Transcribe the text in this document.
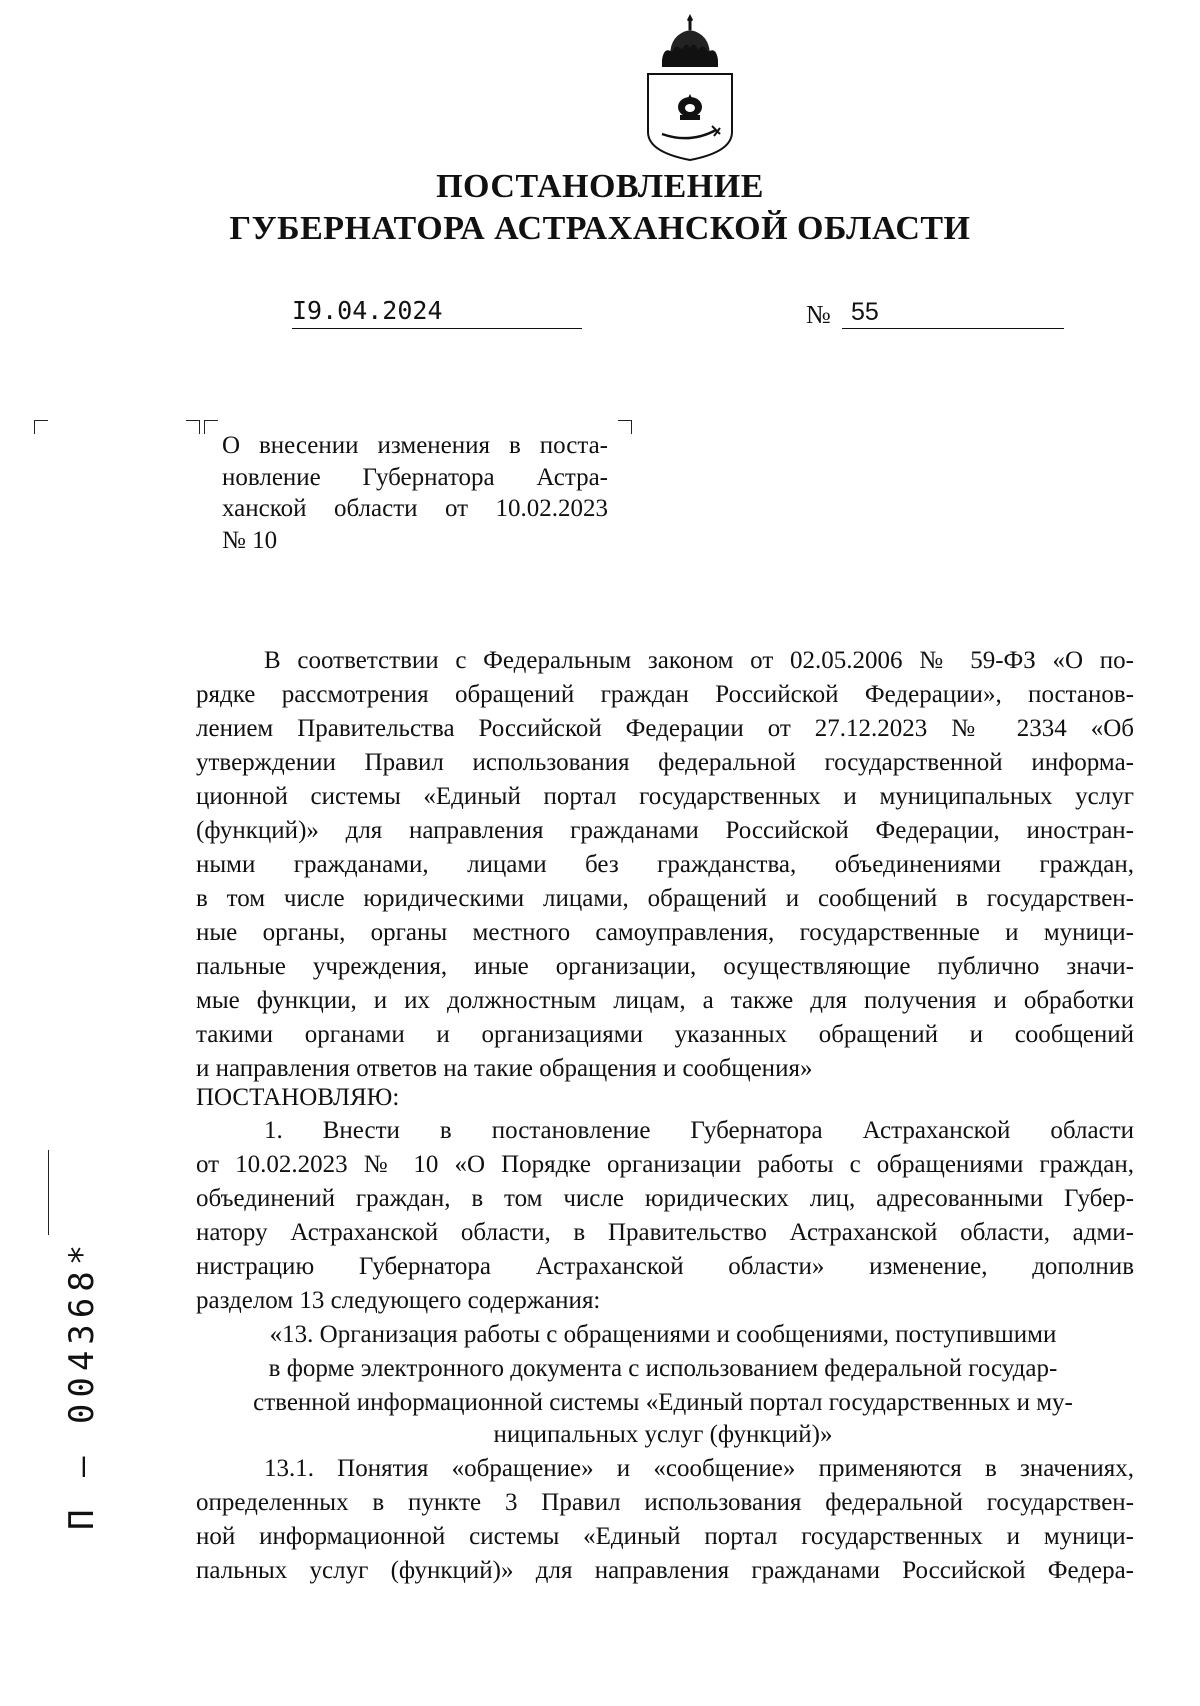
ПОСТАНОВЛЕНИЕ
ГУБЕРНАТОРА АСТРАХАНСКОЙ ОБЛАСТИ
I9.04.2024	№ 55
О внесении изменения в поста-
новление Губернатора Астра-
ханской области от 10.02.2023
№ 10
В соответствии с Федеральным законом от 02.05.2006 № 59-ФЗ «О по-
рядке рассмотрения обращений граждан Российской Федерации», постанов-
лением Правительства Российской Федерации от 27.12.2023 № 2334 «Об
утверждении Правил использования федеральной государственной информа-
ционной системы «Единый портал государственных и муниципальных услуг
(функций)» для направления гражданами Российской Федерации, иностран-
ными гражданами, лицами без гражданства, объединениями граждан,
в том числе юридическими лицами, обращений и сообщений в государствен-
ные органы, органы местного самоуправления, государственные и муници-
пальные учреждения, иные организации, осуществляющие публично значи-
мые функции, и их должностным лицам, а также для получения и обработки
такими органами и организациями указанных обращений и сообщений
и направления ответов на такие обращения и сообщения»
ПОСТАНОВЛЯЮ:
1. Внести в постановление Губернатора Астраханской области
от 10.02.2023 № 10 «О Порядке организации работы с обращениями граждан,
объединений граждан, в том числе юридических лиц, адресованными Губер-
натору Астраханской области, в Правительство Астраханской области, адми-
нистрацию Губернатора Астраханской области» изменение, дополнив
разделом 13 следующего содержания:
«13. Организация работы с обращениями и сообщениями, поступившими
в форме электронного документа с использованием федеральной государ-
ственной информационной системы «Единый портал государственных и му-
ниципальных услуг (функций)»
13.1. Понятия «обращение» и «сообщение» применяются в значениях,
определенных в пункте 3 Правил использования федеральной государствен-
ной информационной системы «Единый портал государственных и муници-
пальных услуг (функций)» для направления гражданами Российской Федера-
П – 004368*
